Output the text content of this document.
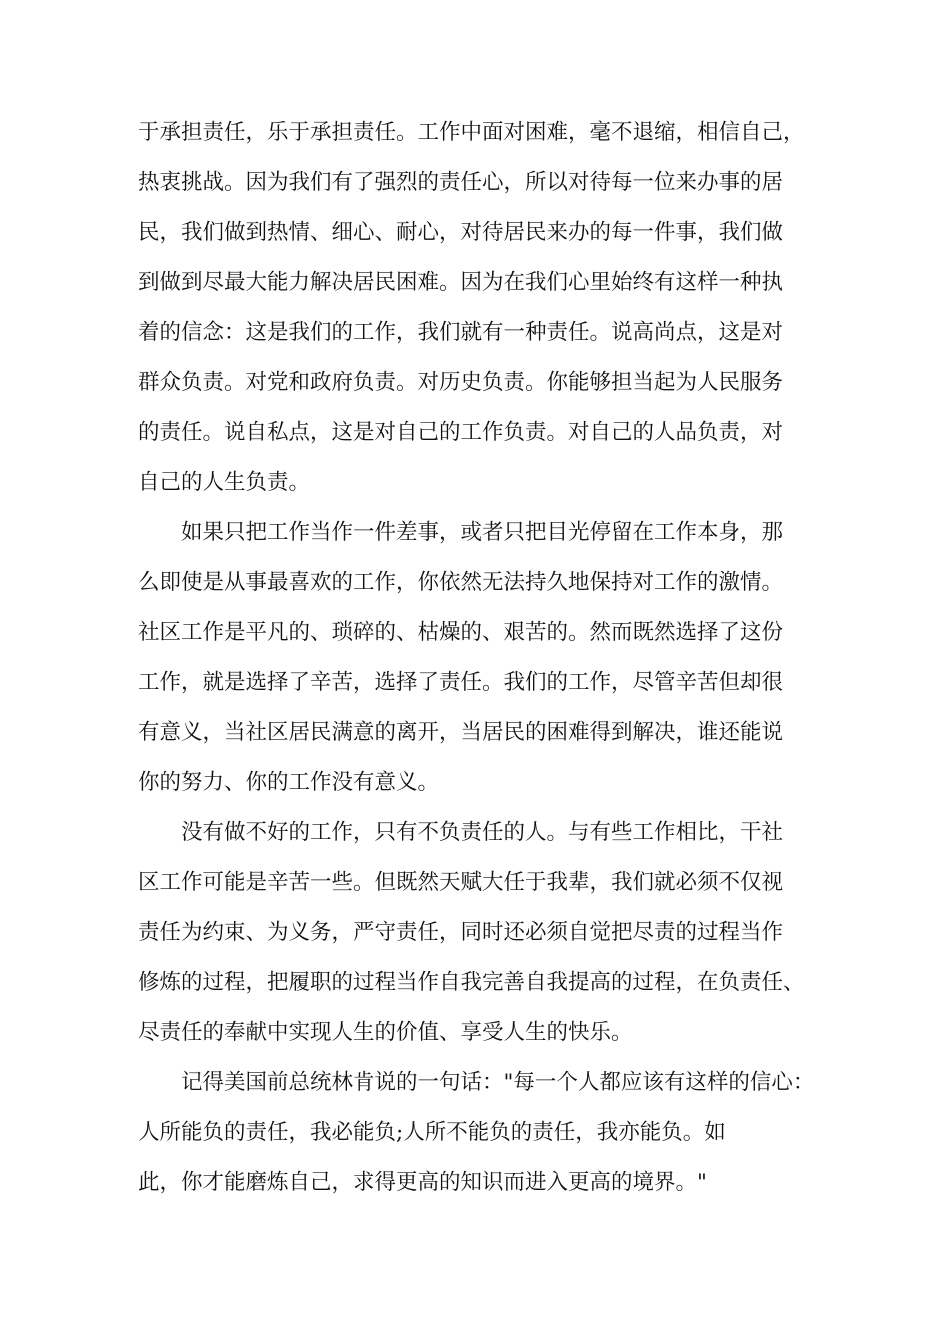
于承担责任，乐于承担责任。工作中面对困难，毫不退缩，相信自己，
热衷挑战。因为我们有了强烈的责任心，所以对待每一位来办事的居
民，我们做到热情、细心、耐心，对待居民来办的每一件事，我们做
到做到尽最大能力解决居民困难。因为在我们心里始终有这样一种执
着的信念：这是我们的工作，我们就有一种责任。说高尚点，这是对
群众负责。对党和政府负责。对历史负责。你能够担当起为人民服务
的责任。说自私点，这是对自己的工作负责。对自己的人品负责，对
自己的人生负责。
如果只把工作当作一件差事，或者只把目光停留在工作本身，那
么即使是从事最喜欢的工作，你依然无法持久地保持对工作的激情。
社区工作是平凡的、琐碎的、枯燥的、艰苦的。然而既然选择了这份
工作，就是选择了辛苦，选择了责任。我们的工作，尽管辛苦但却很
有意义，当社区居民满意的离开，当居民的困难得到解决，谁还能说
你的努力、你的工作没有意义。
没有做不好的工作，只有不负责任的人。与有些工作相比，干社
区工作可能是辛苦一些。但既然天赋大任于我辈，我们就必须不仅视
责任为约束、为义务，严守责任，同时还必须自觉把尽责的过程当作
修炼的过程，把履职的过程当作自我完善自我提高的过程，在负责任、
尽责任的奉献中实现人生的价值、享受人生的快乐。
记得美国前总统林肯说的一句话："每一个人都应该有这样的信心：
人所能负的责任，我必能负;人所不能负的责任，我亦能负。如
此，你才能磨炼自己，求得更高的知识而进入更高的境界。"
